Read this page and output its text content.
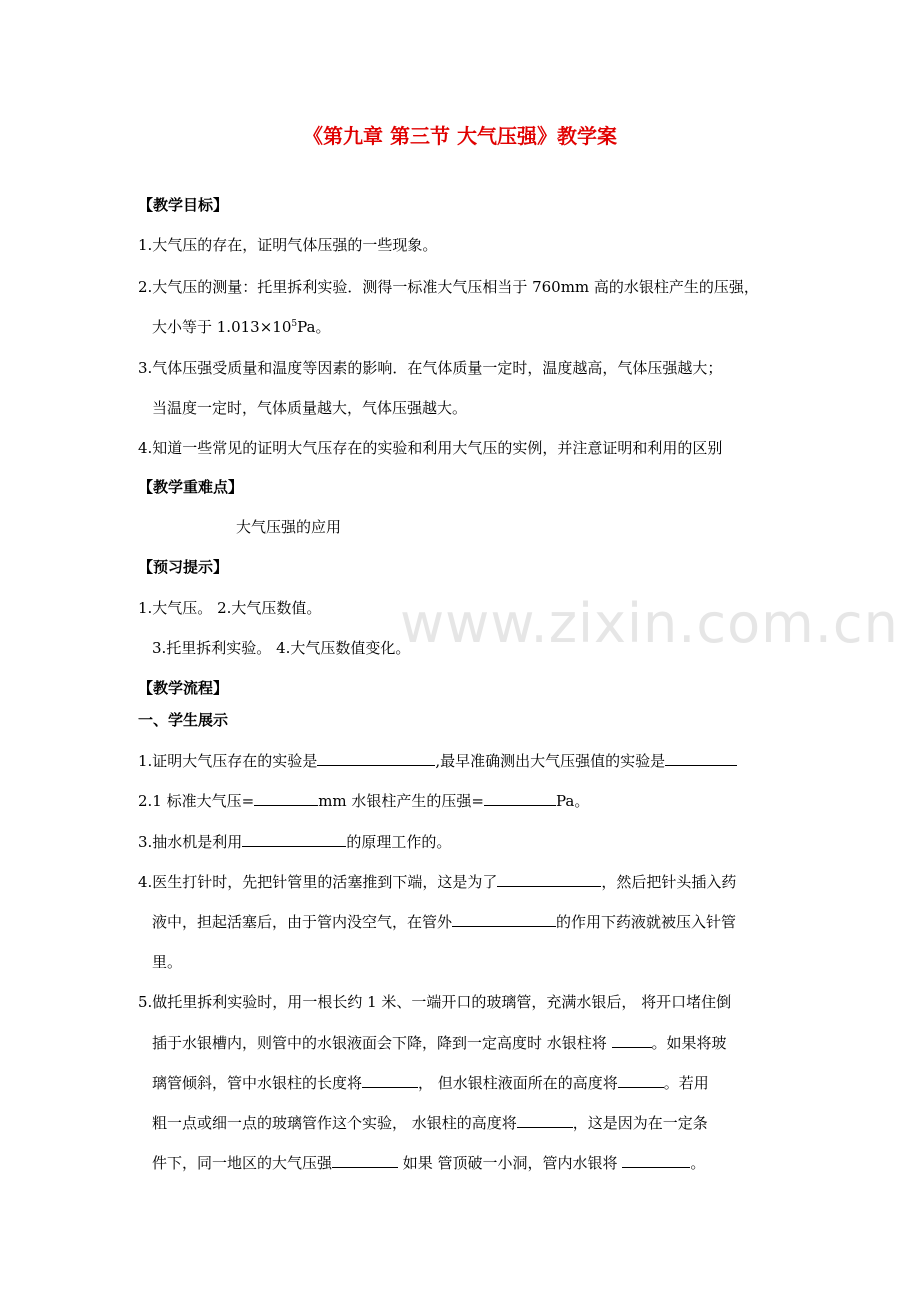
www.zixin.com.cn
《第九章 第三节 大气压强》教学案
【教学目标】
1.大气压的存在，证明气体压强的一些现象。
2.大气压的测量：托里拆利实验．测得一标准大气压相当于 760mm 高的水银柱产生的压强，
大小等于 $1.013\times 10^5Pa$。
3.气体压强受质量和温度等因素的影响．在气体质量一定时，温度越高，气体压强越大；
当温度一定时，气体质量越大，气体压强越大。
4.知道一些常见的证明大气压存在的实验和利用大气压的实例，并注意证明和利用的区别
【教学重难点】
大气压强的应用
【预习提示】
1.大气压。 2.大气压数值。
3.托里拆利实验。 4.大气压数值变化。
【教学流程】
一、学生展示
1.证明大气压存在的实验是	,最早准确测出大气压强值的实验是
2.1 标准大气压=	mm 水银柱产生的压强=	Pa。
3.抽水机是利用	的原理工作的。
4.医生打针时，先把针管里的活塞推到下端，这是为了	，然后把针头插入药
液中，担起活塞后，由于管内没空气，在管外	的作用下药液就被压入针管
里。
5.做托里拆利实验时，用一根长约 1 米、一端开口的玻璃管，充满水银后， 将开口堵住倒
插于水银槽内，则管中的水银液面会下降，降到一定高度时 水银柱将	。如果将玻
璃管倾斜，管中水银柱的长度将	， 但水银柱液面所在的高度将	。若用
粗一点或细一点的玻璃管作这个实验， 水银柱的高度将	，这是因为在一定条
件下，同一地区的大气压强	如果 管顶破一小洞，管内水银将	。
